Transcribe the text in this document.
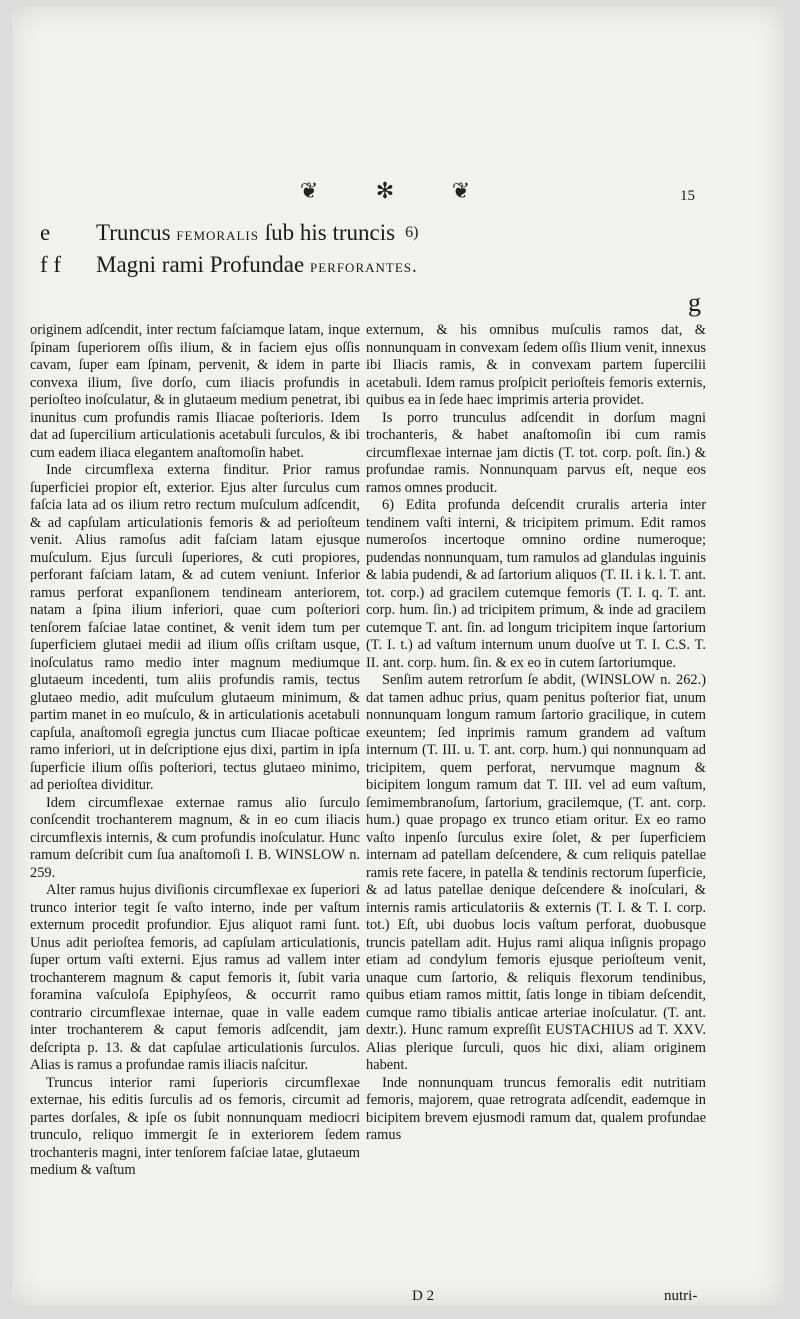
❦ ✻ ❦	15
e Truncus femoralis ſub his truncis $^{6)}$
f f Magni rami Profundae perforantes.
g

originem adſcendit, inter rectum faſciamque latam, inque ſpinam ſuperiorem oſſis ilium, & in faciem ejus oſſis cavam, ſuper eam ſpinam, pervenit, & idem in parte convexa ilium, ſive dorſo, cum iliacis profundis in perioſteo inoſculatur, & in glutaeum medium penetrat, ibi inunitus cum profundis ramis Iliacae poſterioris. Idem dat ad ſupercilium articulationis acetabuli ſurculos, & ibi cum eadem iliaca elegantem anaſtomoſin habet.

Inde circumflexa externa finditur. Prior ramus ſuperficiei propior eſt, exterior. Ejus alter ſurculus cum faſcia lata ad os ilium retro rectum muſculum adſcendit, & ad capſulam articulationis femoris & ad perioſteum venit. Alius ramoſus adit faſciam latam ejusque muſculum. Ejus ſurculi ſuperiores, & cuti propiores, perforant faſciam latam, & ad cutem veniunt. Inferior ramus perforat expanſionem tendineam anteriorem, natam a ſpina ilium inferiori, quae cum poſteriori tenſorem faſciae latae continet, & venit idem tum per ſuperficiem glutaei medii ad ilium oſſis criſtam usque, inoſculatus ramo medio inter magnum mediumque glutaeum incedenti, tum aliis profundis ramis, tectus glutaeo medio, adit muſculum glutaeum minimum, & partim manet in eo muſculo, & in articulationis acetabuli capſula, anaſtomoſi egregia junctus cum Iliacae poſticae ramo inferiori, ut in deſcriptione ejus dixi, partim in ipſa ſuperficie ilium oſſis poſteriori, tectus glutaeo minimo, ad perioſtea dividitur.

Idem circumflexae externae ramus alio ſurculo conſcendit trochanterem magnum, & in eo cum iliacis circumflexis internis, & cum profundis inoſculatur. Hunc ramum deſcribit cum ſua anaſtomoſi I. B. WINSLOW n. 259.

Alter ramus hujus diviſionis circumflexae ex ſuperiori trunco interior tegit ſe vaſto interno, inde per vaſtum externum procedit profundior. Ejus aliquot rami ſunt. Unus adit perioſtea femoris, ad capſulam articulationis, ſuper ortum vaſti externi. Ejus ramus ad vallem inter trochanterem magnum & caput femoris it, ſubit varia foramina vaſculoſa Epiphyſeos, & occurrit ramo contrario circumflexae internae, quae in valle eadem inter trochanterem & caput femoris adſcendit, jam deſcripta p. 13. & dat capſulae articulationis ſurculos. Alias is ramus a profundae ramis iliacis naſcitur.

Truncus interior rami ſuperioris circumflexae externae, his editis ſurculis ad os femoris, circumit ad partes dorſales, & ipſe os ſubit nonnunquam mediocri trunculo, reliquo immergit ſe in exteriorem ſedem trochanteris magni, inter tenſorem faſciae latae, glutaeum medium & vaſtum

externum, & his omnibus muſculis ramos dat, & nonnunquam in convexam ſedem oſſis Ilium venit, innexus ibi Iliacis ramis, & in convexam partem ſupercilii acetabuli. Idem ramus proſpicit perioſteis femoris externis, quibus ea in ſede haec imprimis arteria providet.

Is porro trunculus adſcendit in dorſum magni trochanteris, & habet anaſtomoſin ibi cum ramis circumflexae internae jam dictis (T. tot. corp. poſt. ſin.) & profundae ramis. Nonnunquam parvus eſt, neque eos ramos omnes producit.

6) Edita profunda deſcendit cruralis arteria inter tendinem vaſti interni, & tricipitem primum. Edit ramos numeroſos incertoque omnino ordine numeroque; pudendas nonnunquam, tum ramulos ad glandulas inguinis & labia pudendi, & ad ſartorium aliquos (T. II. i k. l. T. ant. tot. corp.) ad gracilem cutemque femoris (T. I. q. T. ant. corp. hum. ſin.) ad tricipitem primum, & inde ad gracilem cutemque T. ant. ſin. ad longum tricipitem inque ſartorium (T. I. t.) ad vaſtum internum unum duoſve ut T. I. C.S. T. II. ant. corp. hum. ſin. & ex eo in cutem ſartoriumque.

Senſim autem retrorſum ſe abdit, (WINSLOW n. 262.) dat tamen adhuc prius, quam penitus poſterior fiat, unum nonnunquam longum ramum ſartorio gracilique, in cutem exeuntem; ſed inprimis ramum grandem ad vaſtum internum (T. III. u. T. ant. corp. hum.) qui nonnunquam ad tricipitem, quem perforat, nervumque magnum & bicipitem longum ramum dat T. III. vel ad eum vaſtum, ſemimembranoſum, ſartorium, gracilemque, (T. ant. corp. hum.) quae propago ex trunco etiam oritur. Ex eo ramo vaſto inpenſo ſurculus exire ſolet, & per ſuperficiem internam ad patellam deſcendere, & cum reliquis patellae ramis rete facere, in patella & tendinis rectorum ſuperficie, & ad latus patellae denique deſcendere & inoſculari, & internis ramis articulatoriis & externis (T. I. & T. I. corp. tot.) Eſt, ubi duobus locis vaſtum perforat, duobusque truncis patellam adit. Hujus rami aliqua inſignis propago etiam ad condylum femoris ejusque perioſteum venit, unaque cum ſartorio, & reliquis flexorum tendinibus, quibus etiam ramos mittit, ſatis longe in tibiam deſcendit, cumque ramo tibialis anticae arteriae inoſculatur. (T. ant. dextr.). Hunc ramum expreſſit EUSTACHIUS ad T. XXV. Alias plerique ſurculi, quos hic dixi, aliam originem habent.

Inde nonnunquam truncus femoralis edit nutritiam femoris, majorem, quae retrograta adſcendit, eademque in bicipitem brevem ejusmodi ramum dat, qualem profundae ramus

D 2	nutri-
